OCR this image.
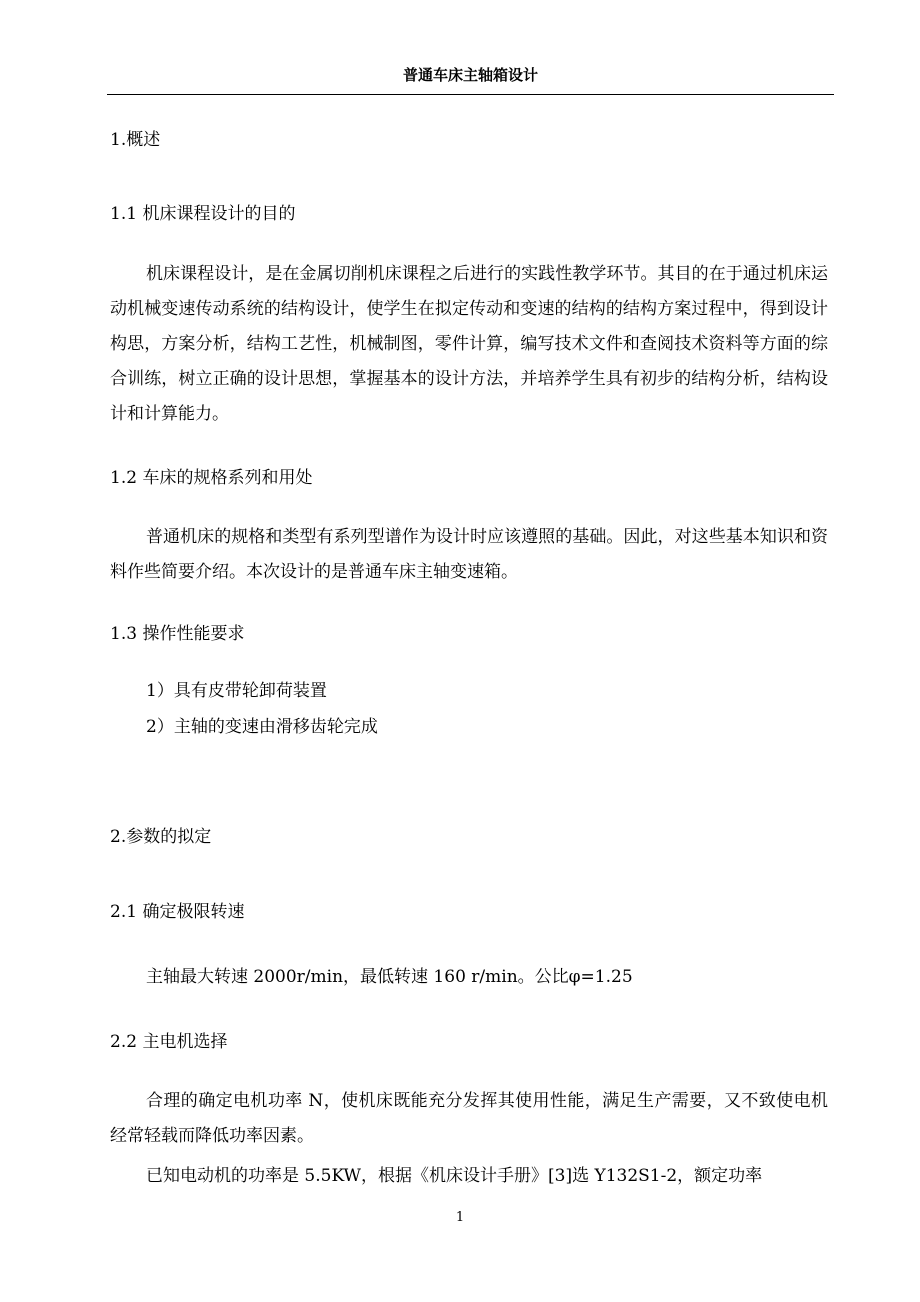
普通车床主轴箱设计
1.概述
1.1 机床课程设计的目的
机床课程设计，是在金属切削机床课程之后进行的实践性教学环节。其目的在于通过机床运动机械变速传动系统的结构设计，使学生在拟定传动和变速的结构的结构方案过程中，得到设计构思，方案分析，结构工艺性，机械制图，零件计算，编写技术文件和查阅技术资料等方面的综合训练，树立正确的设计思想，掌握基本的设计方法，并培养学生具有初步的结构分析，结构设计和计算能力。
1.2 车床的规格系列和用处
普通机床的规格和类型有系列型谱作为设计时应该遵照的基础。因此，对这些基本知识和资料作些简要介绍。本次设计的是普通车床主轴变速箱。
1.3 操作性能要求
1）具有皮带轮卸荷装置
2）主轴的变速由滑移齿轮完成
2.参数的拟定
2.1 确定极限转速
主轴最大转速 2000r/min，最低转速 160 r/min。公比φ=1.25
2.2 主电机选择
合理的确定电机功率 N，使机床既能充分发挥其使用性能，满足生产需要，又不致使电机经常轻载而降低功率因素。
已知电动机的功率是 5.5KW，根据《机床设计手册》[3]选 Y132S1-2，额定功率
1
